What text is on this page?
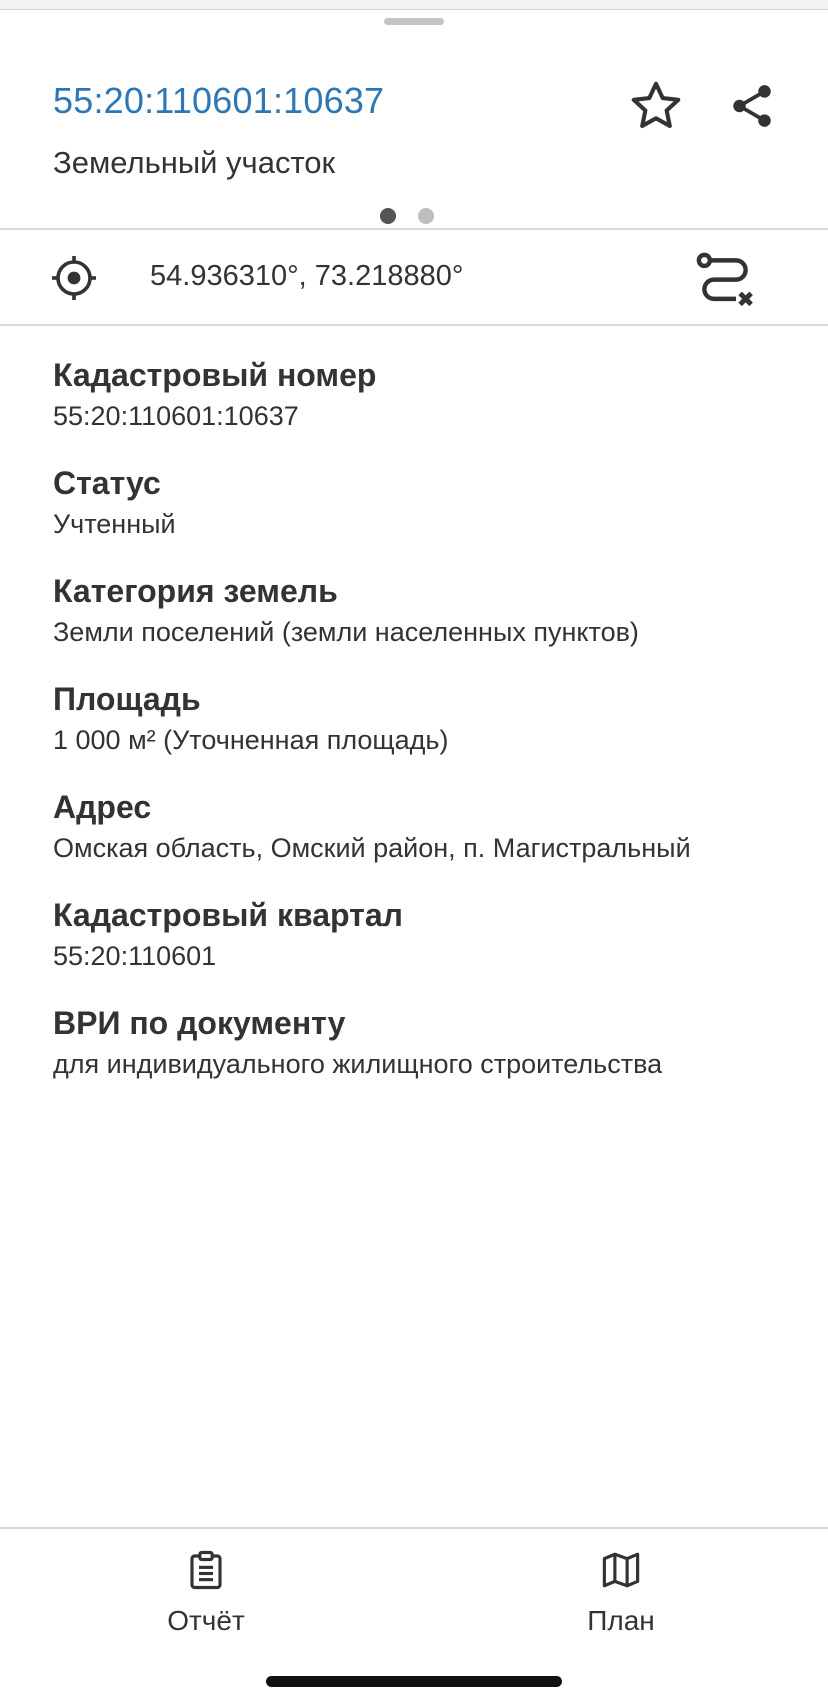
55:20:110601:10637
Земельный участок
54.936310°, 73.218880°
Кадастровый номер
55:20:110601:10637
Статус
Учтенный
Категория земель
Земли поселений (земли населенных пунктов)
Площадь
1 000 м² (Уточненная площадь)
Адрес
Омская область, Омский район, п. Магистральный
Кадастровый квартал
55:20:110601
ВРИ по документу
для индивидуального жилищного строительства
Отчёт	План
